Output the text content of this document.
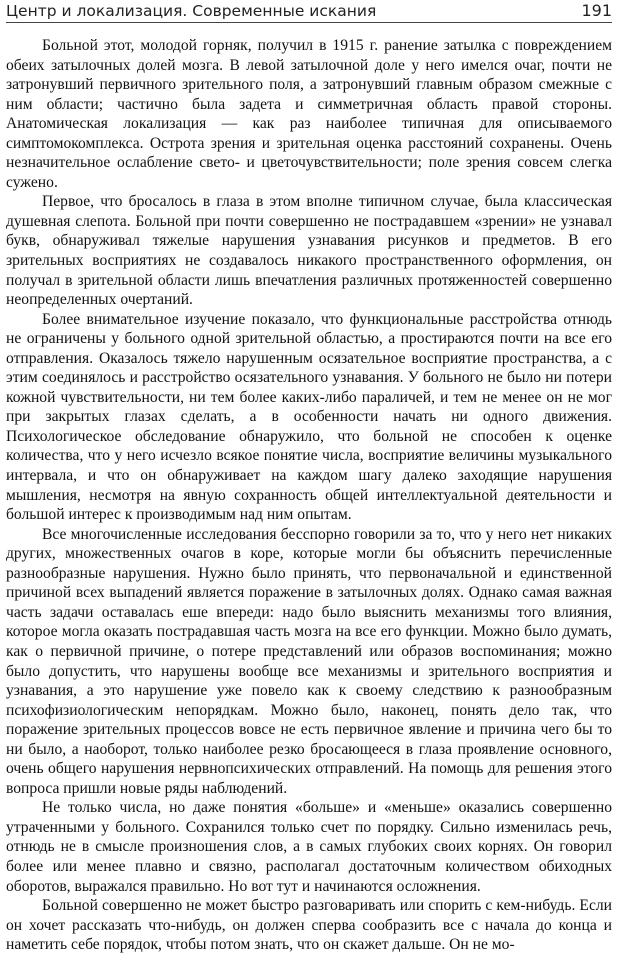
Центр и локализация. Современные искания	191

Больной этот, молодой горняк, получил в 1915 г. ранение затылка с повреждением обеих затылочных долей мозга. В левой затылочной доле у него имелся очаг, почти не затронувший первичного зрительного поля, а затронувший главным образом смежные с ним области; частично была задета и симметричная область правой стороны. Анатомическая локализация — как раз наиболее типичная для описываемого симптомокомплекса. Острота зрения и зрительная оценка расстояний сохранены. Очень незначительное ослабление свето- и цветочувствительности; поле зрения совсем слегка сужено.

Первое, что бросалось в глаза в этом вполне типичном случае, была классическая душевная слепота. Больной при почти совершенно не пострадавшем «зрении» не узнавал букв, обнаруживал тяжелые нарушения узнавания рисунков и предметов. В его зрительных восприятиях не создавалось никакого пространственного оформления, он получал в зрительной области лишь впечатления различных протяженностей совершенно неопределенных очертаний.

Более внимательное изучение показало, что функциональные расстройства отнюдь не ограничены у больного одной зрительной областью, а простираются почти на все его отправления. Оказалось тяжело нарушенным осязательное восприятие пространства, а с этим соединялось и расстройство осязательного узнавания. У больного не было ни потери кожной чувствительности, ни тем более каких-либо параличей, и тем не менее он не мог при закрытых глазах сделать, а в особенности начать ни одного движения. Психологическое обследование обнаружило, что больной не способен к оценке количества, что у него исчезло всякое понятие числа, восприятие величины музыкального интервала, и что он обнаруживает на каждом шагу далеко заходящие нарушения мышления, несмотря на явную сохранность общей интеллектуальной деятельности и большой интерес к производимым над ним опытам.

Все многочисленные исследования бесспорно говорили за то, что у него нет никаких других, множественных очагов в коре, которые могли бы объяснить перечисленные разнообразные нарушения. Нужно было принять, что первоначальной и единственной причиной всех выпадений является поражение в затылочных долях. Однако самая важная часть задачи оставалась еше впереди: надо было выяснить механизмы того влияния, которое могла оказать пострадавшая часть мозга на все его функции. Можно было думать, как о первичной причине, о потере представлений или образов воспоминания; можно было допустить, что нарушены вообще все механизмы и зрительного восприятия и узнавания, а это нарушение уже повело как к своему следствию к разнообразным психофизиологическим непорядкам. Можно было, наконец, понять дело так, что поражение зрительных процессов вовсе не есть первичное явление и причина чего бы то ни было, а наоборот, только наиболее резко бросающееся в глаза проявление основного, очень общего нарушения нервнопсихических отправлений. На помощь для решения этого вопроса пришли новые ряды наблюдений.

Не только числа, но даже понятия «больше» и «меньше» оказались совершенно утраченными у больного. Сохранился только счет по порядку. Сильно изменилась речь, отнюдь не в смысле произношения слов, а в самых глубоких своих корнях. Он говорил более или менее плавно и связно, располагал достаточным количеством обиходных оборотов, выражался правильно. Но вот тут и начинаются осложнения.

Больной совершенно не может быстро разговаривать или спорить с кем-нибудь. Если он хочет рассказать что-нибудь, он должен сперва сообразить все с начала до конца и наметить себе порядок, чтобы потом знать, что он скажет дальше. Он не мо-
